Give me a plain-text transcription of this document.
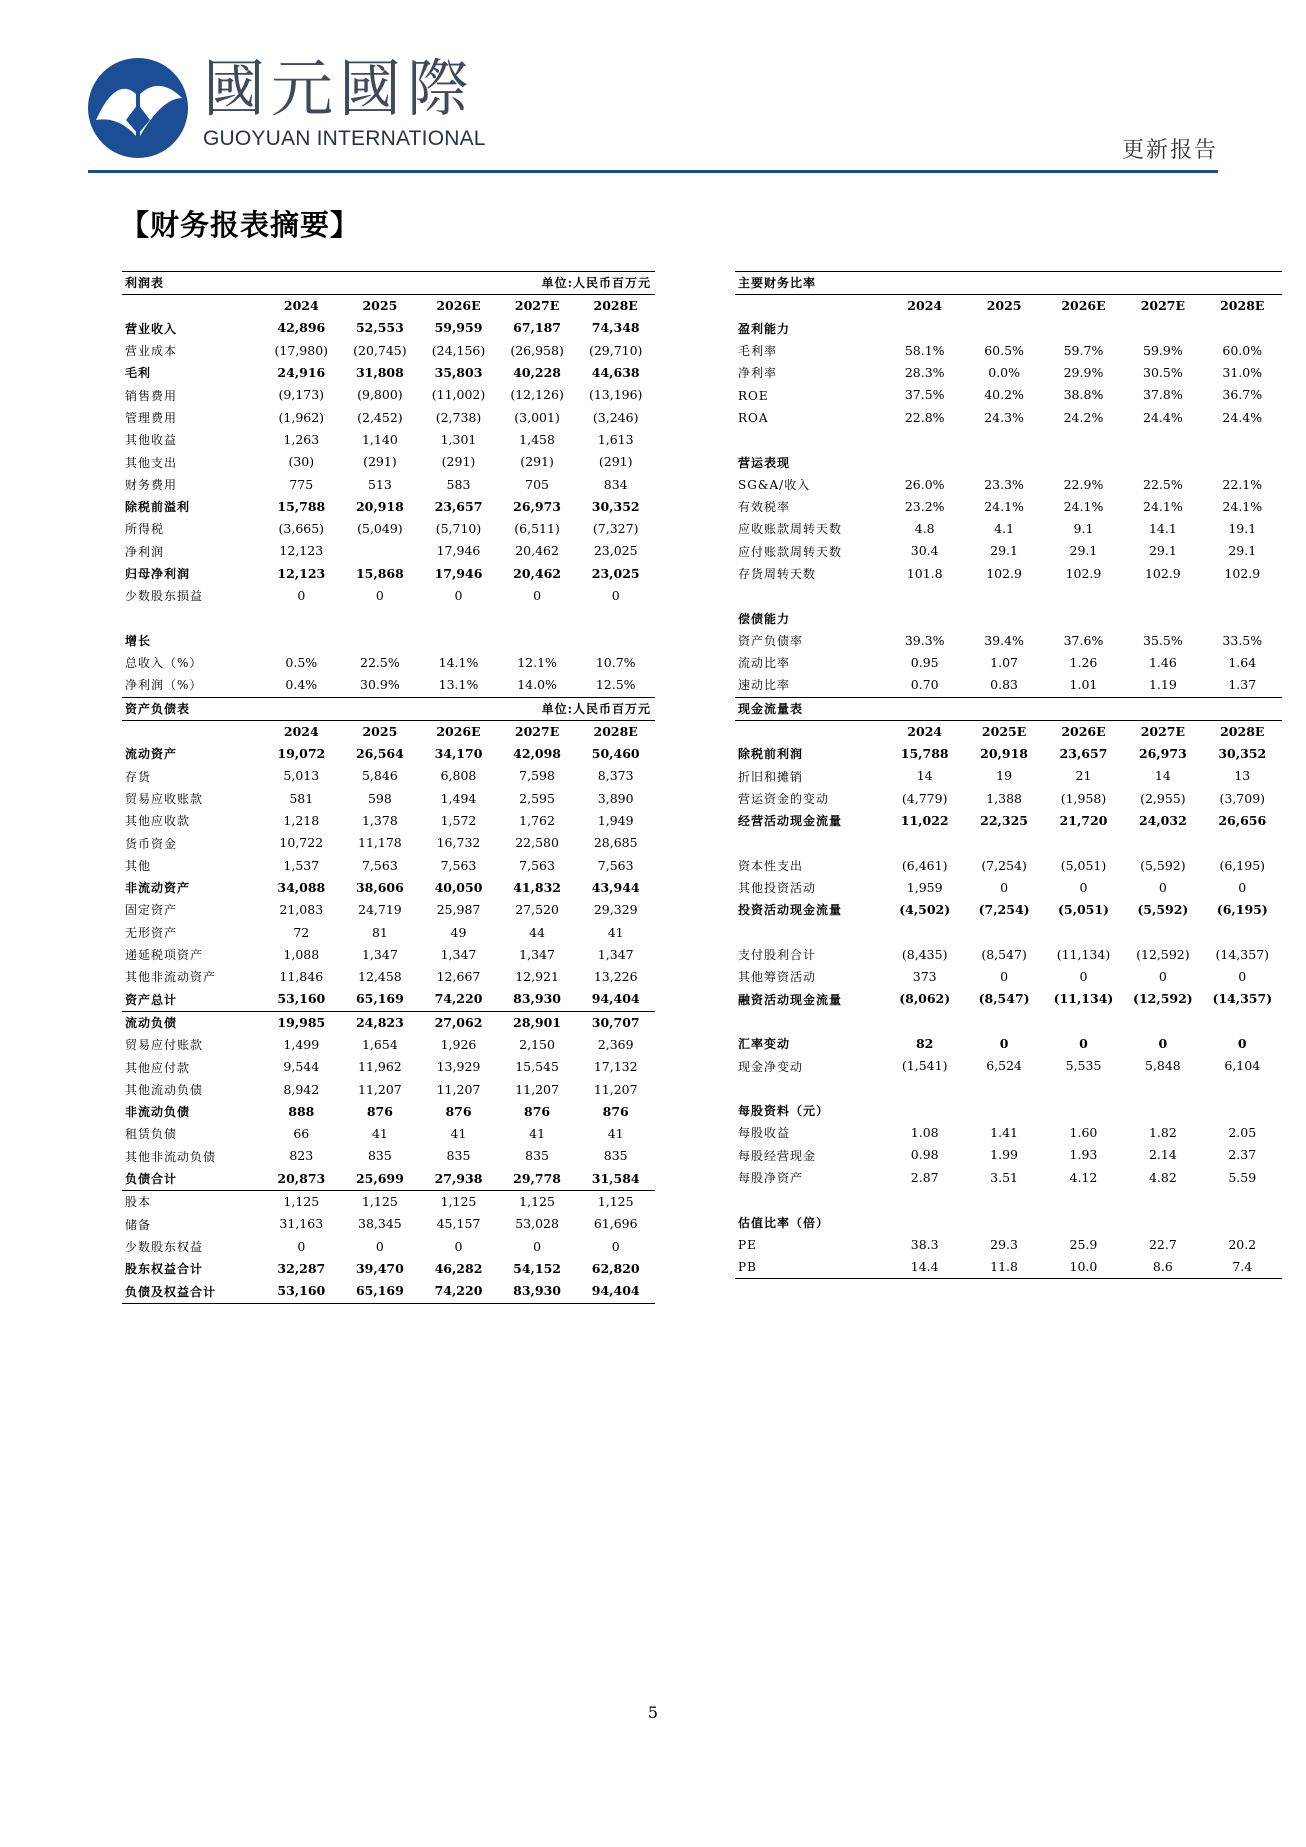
國元國際
GUOYUAN INTERNATIONAL	更新报告
【财务报表摘要】
利润表			单位:人民币百万元		
	2024	2025	2026E	2027E	2028E
营业收入	42,896	52,553	59,959	67,187	74,348
营业成本	(17,980)	(20,745)	(24,156)	(26,958)	(29,710)
毛利	24,916	31,808	35,803	40,228	44,638
销售费用	(9,173)	(9,800)	(11,002)	(12,126)	(13,196)
管理费用	(1,962)	(2,452)	(2,738)	(3,001)	(3,246)
其他收益	1,263	1,140	1,301	1,458	1,613
其他支出	(30)	(291)	(291)	(291)	(291)
财务费用	775	513	583	705	834
除税前溢利	15,788	20,918	23,657	26,973	30,352
所得税	(3,665)	(5,049)	(5,710)	(6,511)	(7,327)
净利润	12,123		17,946	20,462	23,025
归母净利润	12,123	15,868	17,946	20,462	23,025
少数股东损益	0	0	0	0	0

增长					
总收入（%）	0.5%	22.5%	14.1%	12.1%	10.7%
净利润（%）	0.4%	30.9%	13.1%	14.0%	12.5%
资产负债表			单位:人民币百万元		
	2024	2025	2026E	2027E	2028E
流动资产	19,072	26,564	34,170	42,098	50,460
存货	5,013	5,846	6,808	7,598	8,373
贸易应收账款	581	598	1,494	2,595	3,890
其他应收款	1,218	1,378	1,572	1,762	1,949
货币资金	10,722	11,178	16,732	22,580	28,685
其他	1,537	7,563	7,563	7,563	7,563
非流动资产	34,088	38,606	40,050	41,832	43,944
固定资产	21,083	24,719	25,987	27,520	29,329
无形资产	72	81	49	44	41
递延税项资产	1,088	1,347	1,347	1,347	1,347
其他非流动资产	11,846	12,458	12,667	12,921	13,226
资产总计	53,160	65,169	74,220	83,930	94,404
流动负债	19,985	24,823	27,062	28,901	30,707
贸易应付账款	1,499	1,654	1,926	2,150	2,369
其他应付款	9,544	11,962	13,929	15,545	17,132
其他流动负债	8,942	11,207	11,207	11,207	11,207
非流动负债	888	876	876	876	876
租赁负债	66	41	41	41	41
其他非流动负债	823	835	835	835	835
负债合计	20,873	25,699	27,938	29,778	31,584
股本	1,125	1,125	1,125	1,125	1,125
储备	31,163	38,345	45,157	53,028	61,696
少数股东权益	0	0	0	0	0
股东权益合计	32,287	39,470	46,282	54,152	62,820
负债及权益合计	53,160	65,169	74,220	83,930	94,404
主要财务比率					
	2024	2025	2026E	2027E	2028E
盈利能力					
毛利率	58.1%	60.5%	59.7%	59.9%	60.0%
净利率	28.3%	0.0%	29.9%	30.5%	31.0%
ROE	37.5%	40.2%	38.8%	37.8%	36.7%
ROA	22.8%	24.3%	24.2%	24.4%	24.4%

营运表现					
SG&A/收入	26.0%	23.3%	22.9%	22.5%	22.1%
有效税率	23.2%	24.1%	24.1%	24.1%	24.1%
应收账款周转天数	4.8	4.1	9.1	14.1	19.1
应付账款周转天数	30.4	29.1	29.1	29.1	29.1
存货周转天数	101.8	102.9	102.9	102.9	102.9

偿债能力					
资产负债率	39.3%	39.4%	37.6%	35.5%	33.5%
流动比率	0.95	1.07	1.26	1.46	1.64
速动比率	0.70	0.83	1.01	1.19	1.37
现金流量表					
	2024	2025E	2026E	2027E	2028E
除税前利润	15,788	20,918	23,657	26,973	30,352
折旧和摊销	14	19	21	14	13
营运资金的变动	(4,779)	1,388	(1,958)	(2,955)	(3,709)
经营活动现金流量	11,022	22,325	21,720	24,032	26,656

资本性支出	(6,461)	(7,254)	(5,051)	(5,592)	(6,195)
其他投资活动	1,959	0	0	0	0
投资活动现金流量	(4,502)	(7,254)	(5,051)	(5,592)	(6,195)

支付股利合计	(8,435)	(8,547)	(11,134)	(12,592)	(14,357)
其他筹资活动	373	0	0	0	0
融资活动现金流量	(8,062)	(8,547)	(11,134)	(12,592)	(14,357)

汇率变动	82	0	0	0	0
现金净变动	(1,541)	6,524	5,535	5,848	6,104

每股资料（元）					
每股收益	1.08	1.41	1.60	1.82	2.05
每股经营现金	0.98	1.99	1.93	2.14	2.37
每股净资产	2.87	3.51	4.12	4.82	5.59

估值比率（倍）					
PE	38.3	29.3	25.9	22.7	20.2
PB	14.4	11.8	10.0	8.6	7.4
5
